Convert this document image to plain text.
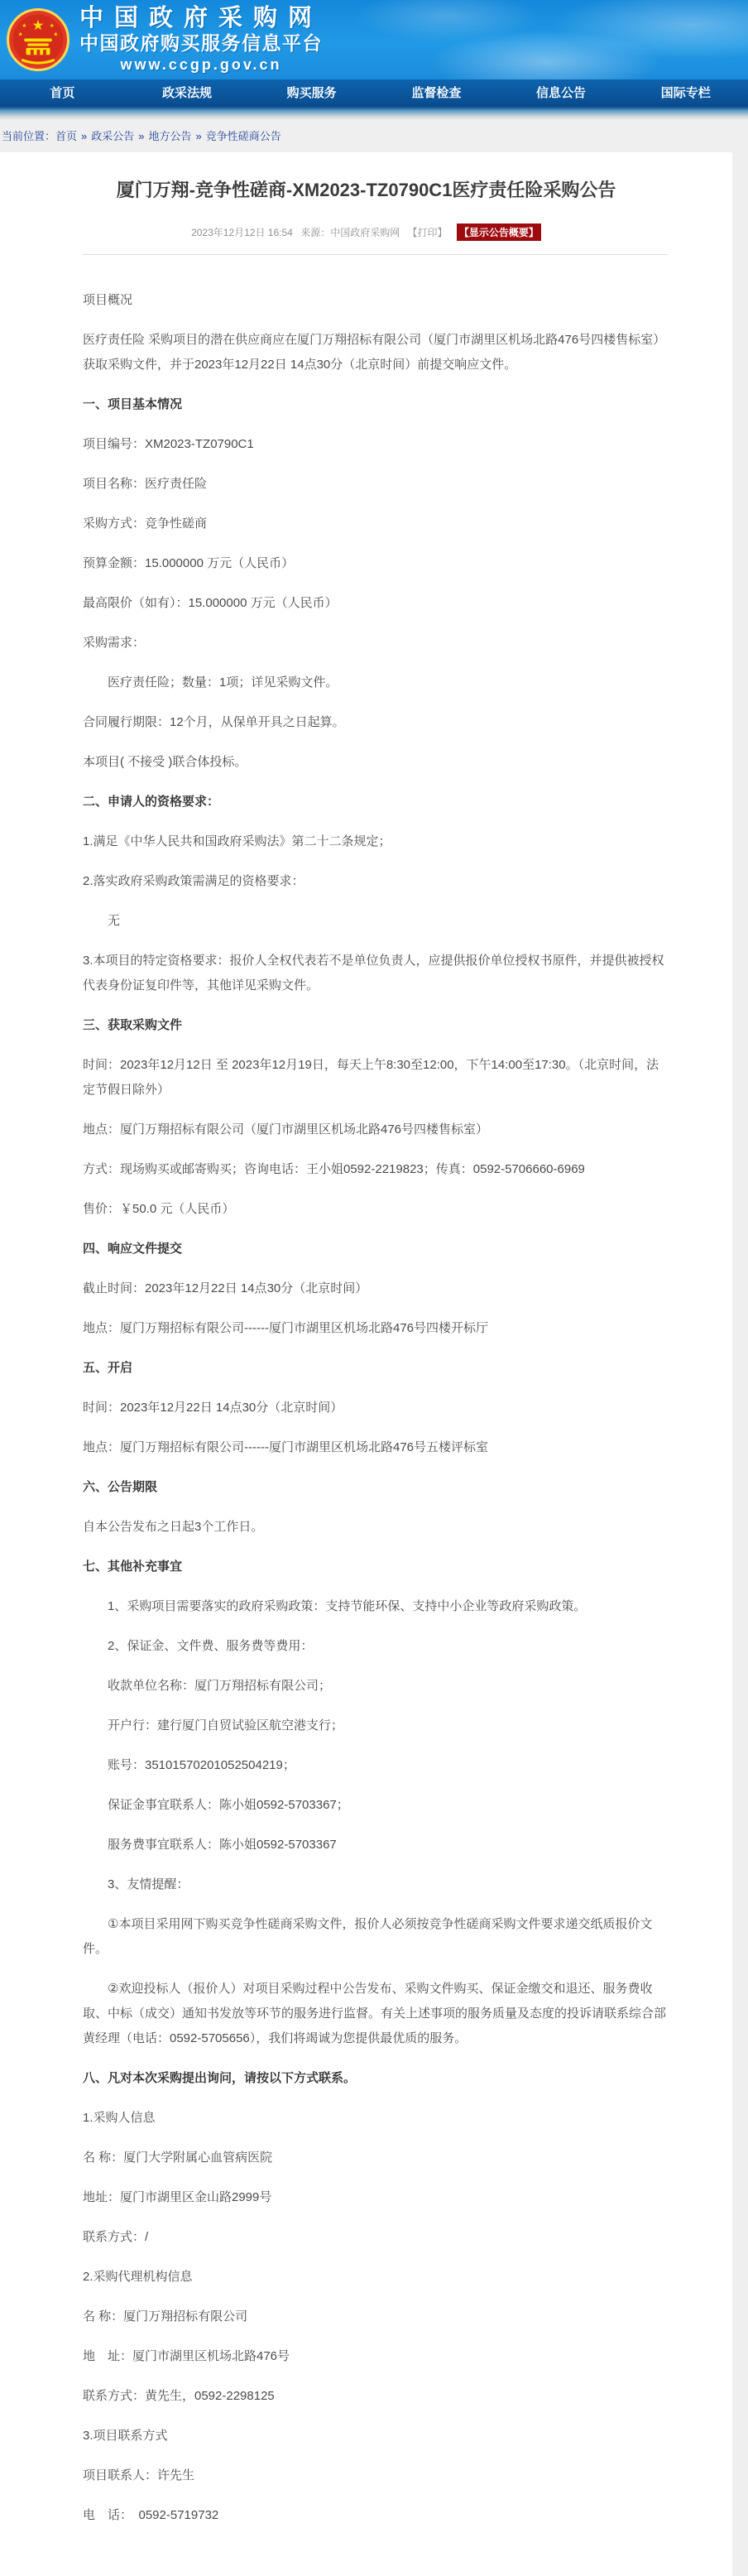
★
★	★
★	★
中国政府采购网
中国政府购买服务信息平台
www.ccgp.gov.cn
首页	政采法规	购买服务	监督检查	信息公告	国际专栏
当前位置：首页 » 政采公告 » 地方公告 » 竞争性磋商公告
厦门万翔-竞争性磋商-XM2023-TZ0790C1医疗责任险采购公告
2023年12月12日 16:54 来源：中国政府采购网 【打印】 【显示公告概要】

项目概况

医疗责任险 采购项目的潜在供应商应在厦门万翔招标有限公司（厦门市湖里区机场北路476号四楼售标室）获取采购文件，并于2023年12月22日 14点30分（北京时间）前提交响应文件。

一、项目基本情况

项目编号：XM2023-TZ0790C1

项目名称：医疗责任险

采购方式：竞争性磋商

预算金额：15.000000 万元（人民币）

最高限价（如有）：15.000000 万元（人民币）

采购需求：

医疗责任险；数量：1项；详见采购文件。

合同履行期限：12个月，从保单开具之日起算。

本项目( 不接受 )联合体投标。

二、申请人的资格要求：

1.满足《中华人民共和国政府采购法》第二十二条规定；

2.落实政府采购政策需满足的资格要求：

无

3.本项目的特定资格要求：报价人全权代表若不是单位负责人，应提供报价单位授权书原件，并提供被授权代表身份证复印件等，其他详见采购文件。

三、获取采购文件

时间：2023年12月12日 至 2023年12月19日，每天上午8:30至12:00，下午14:00至17:30。（北京时间，法定节假日除外）

地点：厦门万翔招标有限公司（厦门市湖里区机场北路476号四楼售标室）

方式：现场购买或邮寄购买；咨询电话：王小姐0592-2219823；传真：0592-5706660-6969

售价：￥50.0 元（人民币）

四、响应文件提交

截止时间：2023年12月22日 14点30分（北京时间）

地点：厦门万翔招标有限公司------厦门市湖里区机场北路476号四楼开标厅

五、开启

时间：2023年12月22日 14点30分（北京时间）

地点：厦门万翔招标有限公司------厦门市湖里区机场北路476号五楼评标室

六、公告期限

自本公告发布之日起3个工作日。

七、其他补充事宜

1、采购项目需要落实的政府采购政策：支持节能环保、支持中小企业等政府采购政策。

2、保证金、文件费、服务费等费用：

收款单位名称：厦门万翔招标有限公司；

开户行：建行厦门自贸试验区航空港支行；

账号：35101570201052504219；

保证金事宜联系人：陈小姐0592-5703367；

服务费事宜联系人：陈小姐0592-5703367

3、友情提醒：

①本项目采用网下购买竞争性磋商采购文件，报价人必须按竞争性磋商采购文件要求递交纸质报价文件。

②欢迎投标人（报价人）对项目采购过程中公告发布、采购文件购买、保证金缴交和退还、服务费收取、中标（成交）通知书发放等环节的服务进行监督。有关上述事项的服务质量及态度的投诉请联系综合部黄经理（电话：0592-5705656），我们将竭诚为您提供最优质的服务。

八、凡对本次采购提出询问，请按以下方式联系。

1.采购人信息

名 称：厦门大学附属心血管病医院

地址：厦门市湖里区金山路2999号

联系方式：/

2.采购代理机构信息

名 称：厦门万翔招标有限公司

地　址：厦门市湖里区机场北路476号

联系方式：黄先生，0592-2298125

3.项目联系方式

项目联系人：许先生

电　话：　0592-5719732
